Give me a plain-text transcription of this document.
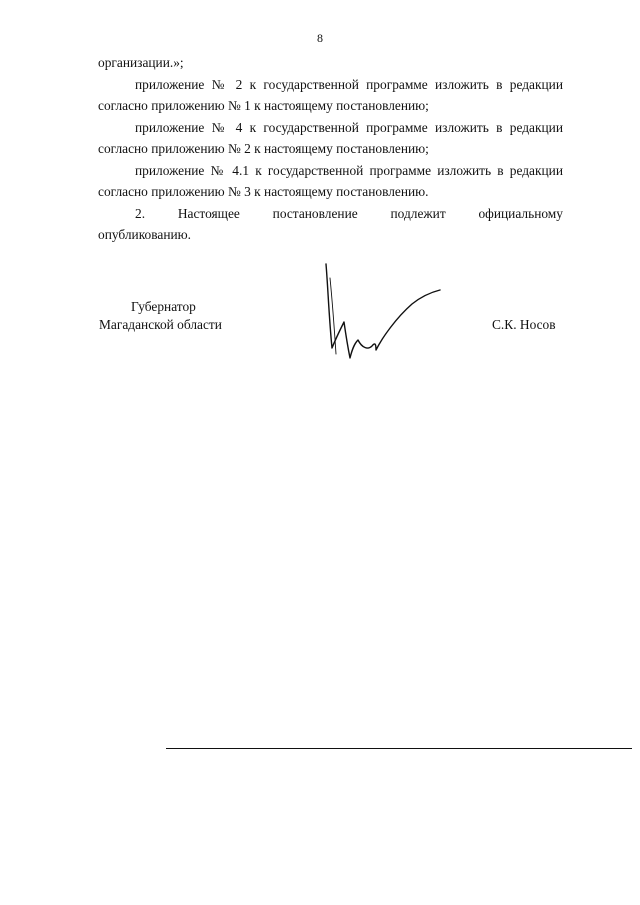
8

организации.»;

приложение № 2 к государственной программе изложить в редакции согласно приложению № 1 к настоящему постановлению;

приложение № 4 к государственной программе изложить в редакции согласно приложению № 2 к настоящему постановлению;

приложение № 4.1 к государственной программе изложить в редакции согласно приложению № 3 к настоящему постановлению.

2. Настоящее постановление подлежит официальному

опубликованию.

Губернатор
Магаданской области	С.К. Носов
